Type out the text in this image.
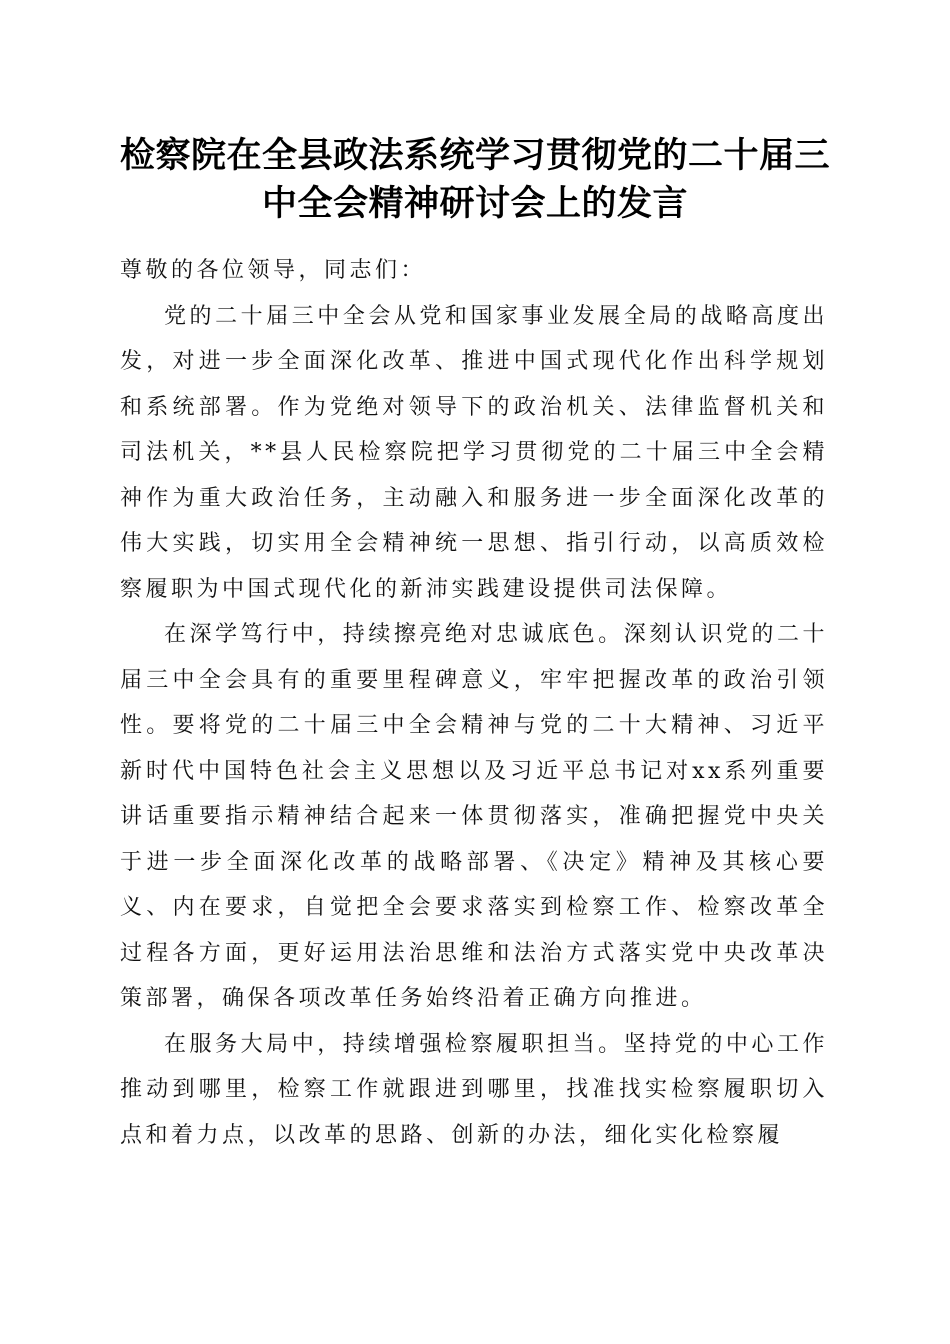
检察院在全县政法系统学习贯彻党的二十届三中全会精神研讨会上的发言

尊敬的各位领导，同志们：

党的二十届三中全会从党和国家事业发展全局的战略高度出发，对进一步全面深化改革、推进中国式现代化作出科学规划和系统部署。作为党绝对领导下的政治机关、法律监督机关和司法机关，**县人民检察院把学习贯彻党的二十届三中全会精神作为重大政治任务，主动融入和服务进一步全面深化改革的伟大实践，切实用全会精神统一思想、指引行动，以高质效检察履职为中国式现代化的新沛实践建设提供司法保障。

在深学笃行中，持续擦亮绝对忠诚底色。深刻认识党的二十届三中全会具有的重要里程碑意义，牢牢把握改革的政治引领性。要将党的二十届三中全会精神与党的二十大精神、习近平新时代中国特色社会主义思想以及习近平总书记对xx系列重要讲话重要指示精神结合起来一体贯彻落实，准确把握党中央关于进一步全面深化改革的战略部署、《决定》精神及其核心要义、内在要求，自觉把全会要求落实到检察工作、检察改革全过程各方面，更好运用法治思维和法治方式落实党中央改革决策部署，确保各项改革任务始终沿着正确方向推进。

在服务大局中，持续增强检察履职担当。坚持党的中心工作推动到哪里，检察工作就跟进到哪里，找准找实检察履职切入点和着力点，以改革的思路、创新的办法，细化实化检察履
